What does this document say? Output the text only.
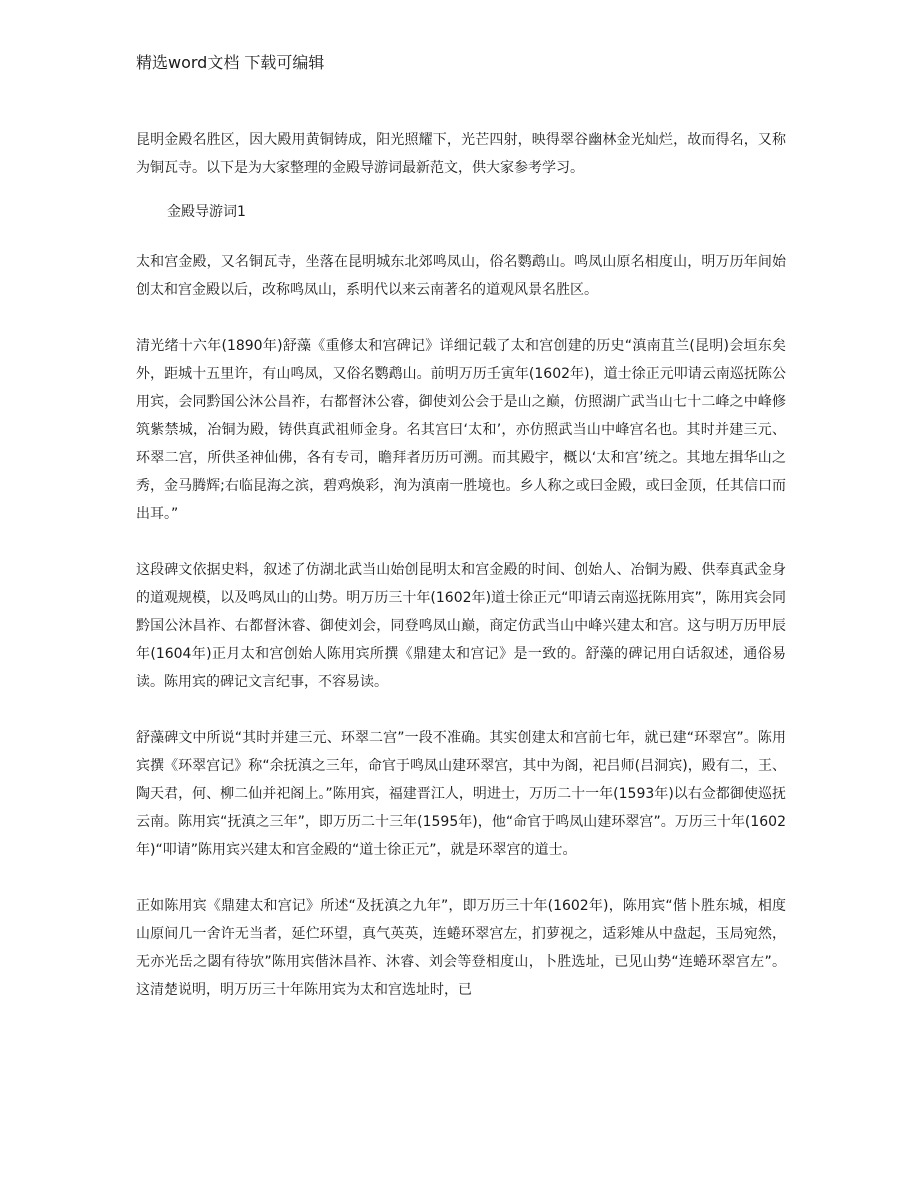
精选word文档 下载可编辑

昆明金殿名胜区，因大殿用黄铜铸成，阳光照耀下，光芒四射，映得翠谷幽林金光灿烂，故而得名，又称为铜瓦寺。以下是为大家整理的金殿导游词最新范文，供大家参考学习。

金殿导游词1

太和宫金殿，又名铜瓦寺，坐落在昆明城东北郊鸣凤山，俗名鹦鹉山。鸣凤山原名相度山，明万历年间始创太和宫金殿以后，改称鸣凤山，系明代以来云南著名的道观风景名胜区。

清光绪十六年(1890年)舒藻《重修太和宫碑记》详细记载了太和宫创建的历史“滇南苴兰(昆明)会垣东矣外，距城十五里许，有山鸣凤，又俗名鹦鹉山。前明万历壬寅年(1602年)，道士徐正元叩请云南巡抚陈公用宾，会同黔国公沐公昌祚，右都督沐公睿，御使刘公会于是山之巅，仿照湖广武当山七十二峰之中峰修筑紫禁城，冶铜为殿，铸供真武祖师金身。名其宫曰‘太和’，亦仿照武当山中峰宫名也。其时并建三元、环翠二宫，所供圣神仙佛，各有专司，瞻拜者历历可溯。而其殿宇，概以‘太和宫’统之。其地左揖华山之秀，金马腾辉;右临昆海之滨，碧鸡焕彩，洵为滇南一胜境也。乡人称之或曰金殿，或曰金顶，任其信口而出耳。”

这段碑文依据史料，叙述了仿湖北武当山始创昆明太和宫金殿的时间、创始人、冶铜为殿、供奉真武金身的道观规模，以及鸣凤山的山势。明万历三十年(1602年)道士徐正元“叩请云南巡抚陈用宾”，陈用宾会同黔国公沐昌祚、右都督沐睿、御使刘会，同登鸣凤山巅，商定仿武当山中峰兴建太和宫。这与明万历甲辰年(1604年)正月太和宫创始人陈用宾所撰《鼎建太和宫记》是一致的。舒藻的碑记用白话叙述，通俗易读。陈用宾的碑记文言纪事，不容易读。

舒藻碑文中所说“其时并建三元、环翠二宫”一段不准确。其实创建太和宫前七年，就已建“环翠宫”。陈用宾撰《环翠宫记》称“余抚滇之三年，命官于鸣凤山建环翠宫，其中为阁，祀吕师(吕洞宾)，殿有二，王、陶天君，何、柳二仙并祀阁上。”陈用宾，福建晋江人，明进士，万历二十一年(1593年)以右佥都御使巡抚云南。陈用宾“抚滇之三年”，即万历二十三年(1595年)，他“命官于鸣凤山建环翠宫”。万历三十年(1602年)“叩请”陈用宾兴建太和宫金殿的“道士徐正元”，就是环翠宫的道士。

正如陈用宾《鼎建太和宫记》所述“及抚滇之九年”，即万历三十年(1602年)，陈用宾“偕卜胜东城，相度山原间几一舍许无当者，延伫环望，真气英英，连蜷环翠宫左，扪萝视之，适彩雉从中盘起，玉局宛然，无亦光岳之閟有待欤”陈用宾偕沐昌祚、沐睿、刘会等登相度山，卜胜选址，已见山势“连蜷环翠宫左”。这清楚说明，明万历三十年陈用宾为太和宫选址时，已
